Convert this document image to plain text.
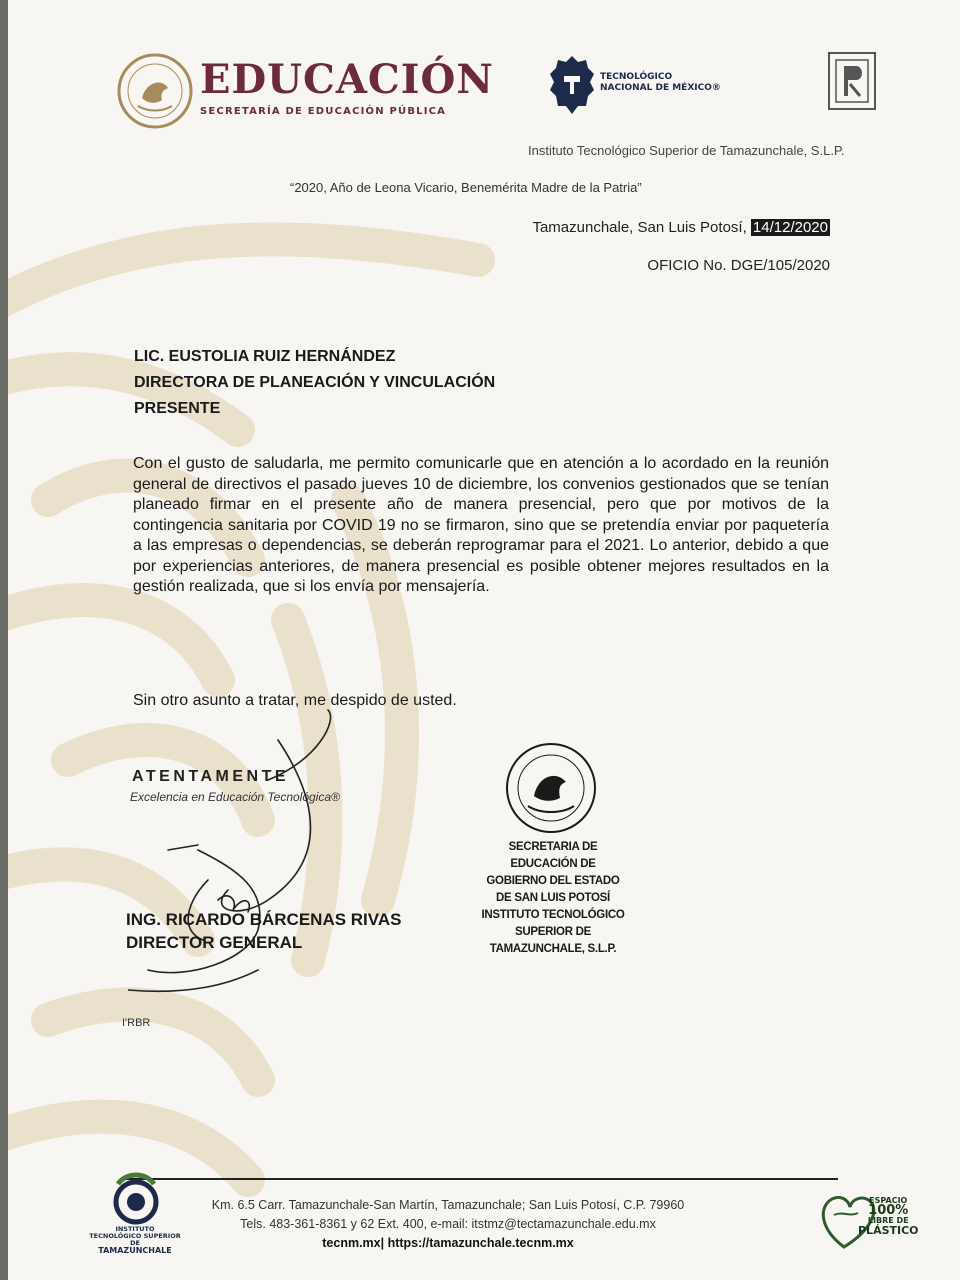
EDUCACIÓN
SECRETARÍA DE EDUCACIÓN PÚBLICA
TECNOLÓGICO
NACIONAL DE MÉXICO®
Instituto Tecnológico Superior de Tamazunchale, S.L.P.
“2020, Año de Leona Vicario, Benemérita Madre de la Patria”
Tamazunchale, San Luis Potosí, 14/12/2020
OFICIO No. DGE/105/2020
LIC. EUSTOLIA RUIZ HERNÁNDEZ
DIRECTORA DE PLANEACIÓN Y VINCULACIÓN
PRESENTE
Con el gusto de saludarla, me permito comunicarle que en atención a lo acordado en la reunión general de directivos el pasado jueves 10 de diciembre, los convenios gestionados que se tenían planeado firmar en el presente año de manera presencial, pero que por motivos de la contingencia sanitaria por COVID 19 no se firmaron, sino que se pretendía enviar por paquetería a las empresas o dependencias, se deberán reprogramar para el 2021. Lo anterior, debido a que por experiencias anteriores, de manera presencial es posible obtener mejores resultados en la gestión realizada, que si los envía por mensajería.
Sin otro asunto a tratar, me despido de usted.
ATENTAMENTE
Excelencia en Educación Tecnológica®
ING. RICARDO BÁRCENAS RIVAS
DIRECTOR GENERAL
I'RBR
SECRETARIA DE
EDUCACIÓN DE
GOBIERNO DEL ESTADO
DE SAN LUIS POTOSÍ
INSTITUTO TECNOLÓGICO
SUPERIOR DE
TAMAZUNCHALE, S.L.P.
INSTITUTO
TECNOLÓGICO SUPERIOR DE
TAMAZUNCHALE
Km. 6.5 Carr. Tamazunchale-San Martín, Tamazunchale; San Luis Potosí, C.P. 79960
Tels. 483-361-8361 y 62 Ext. 400, e-mail: itstmz@tectamazunchale.edu.mx
tecnm.mx| https://tamazunchale.tecnm.mx
ESPACIO
100%
LIBRE DE
PLÁSTICO
